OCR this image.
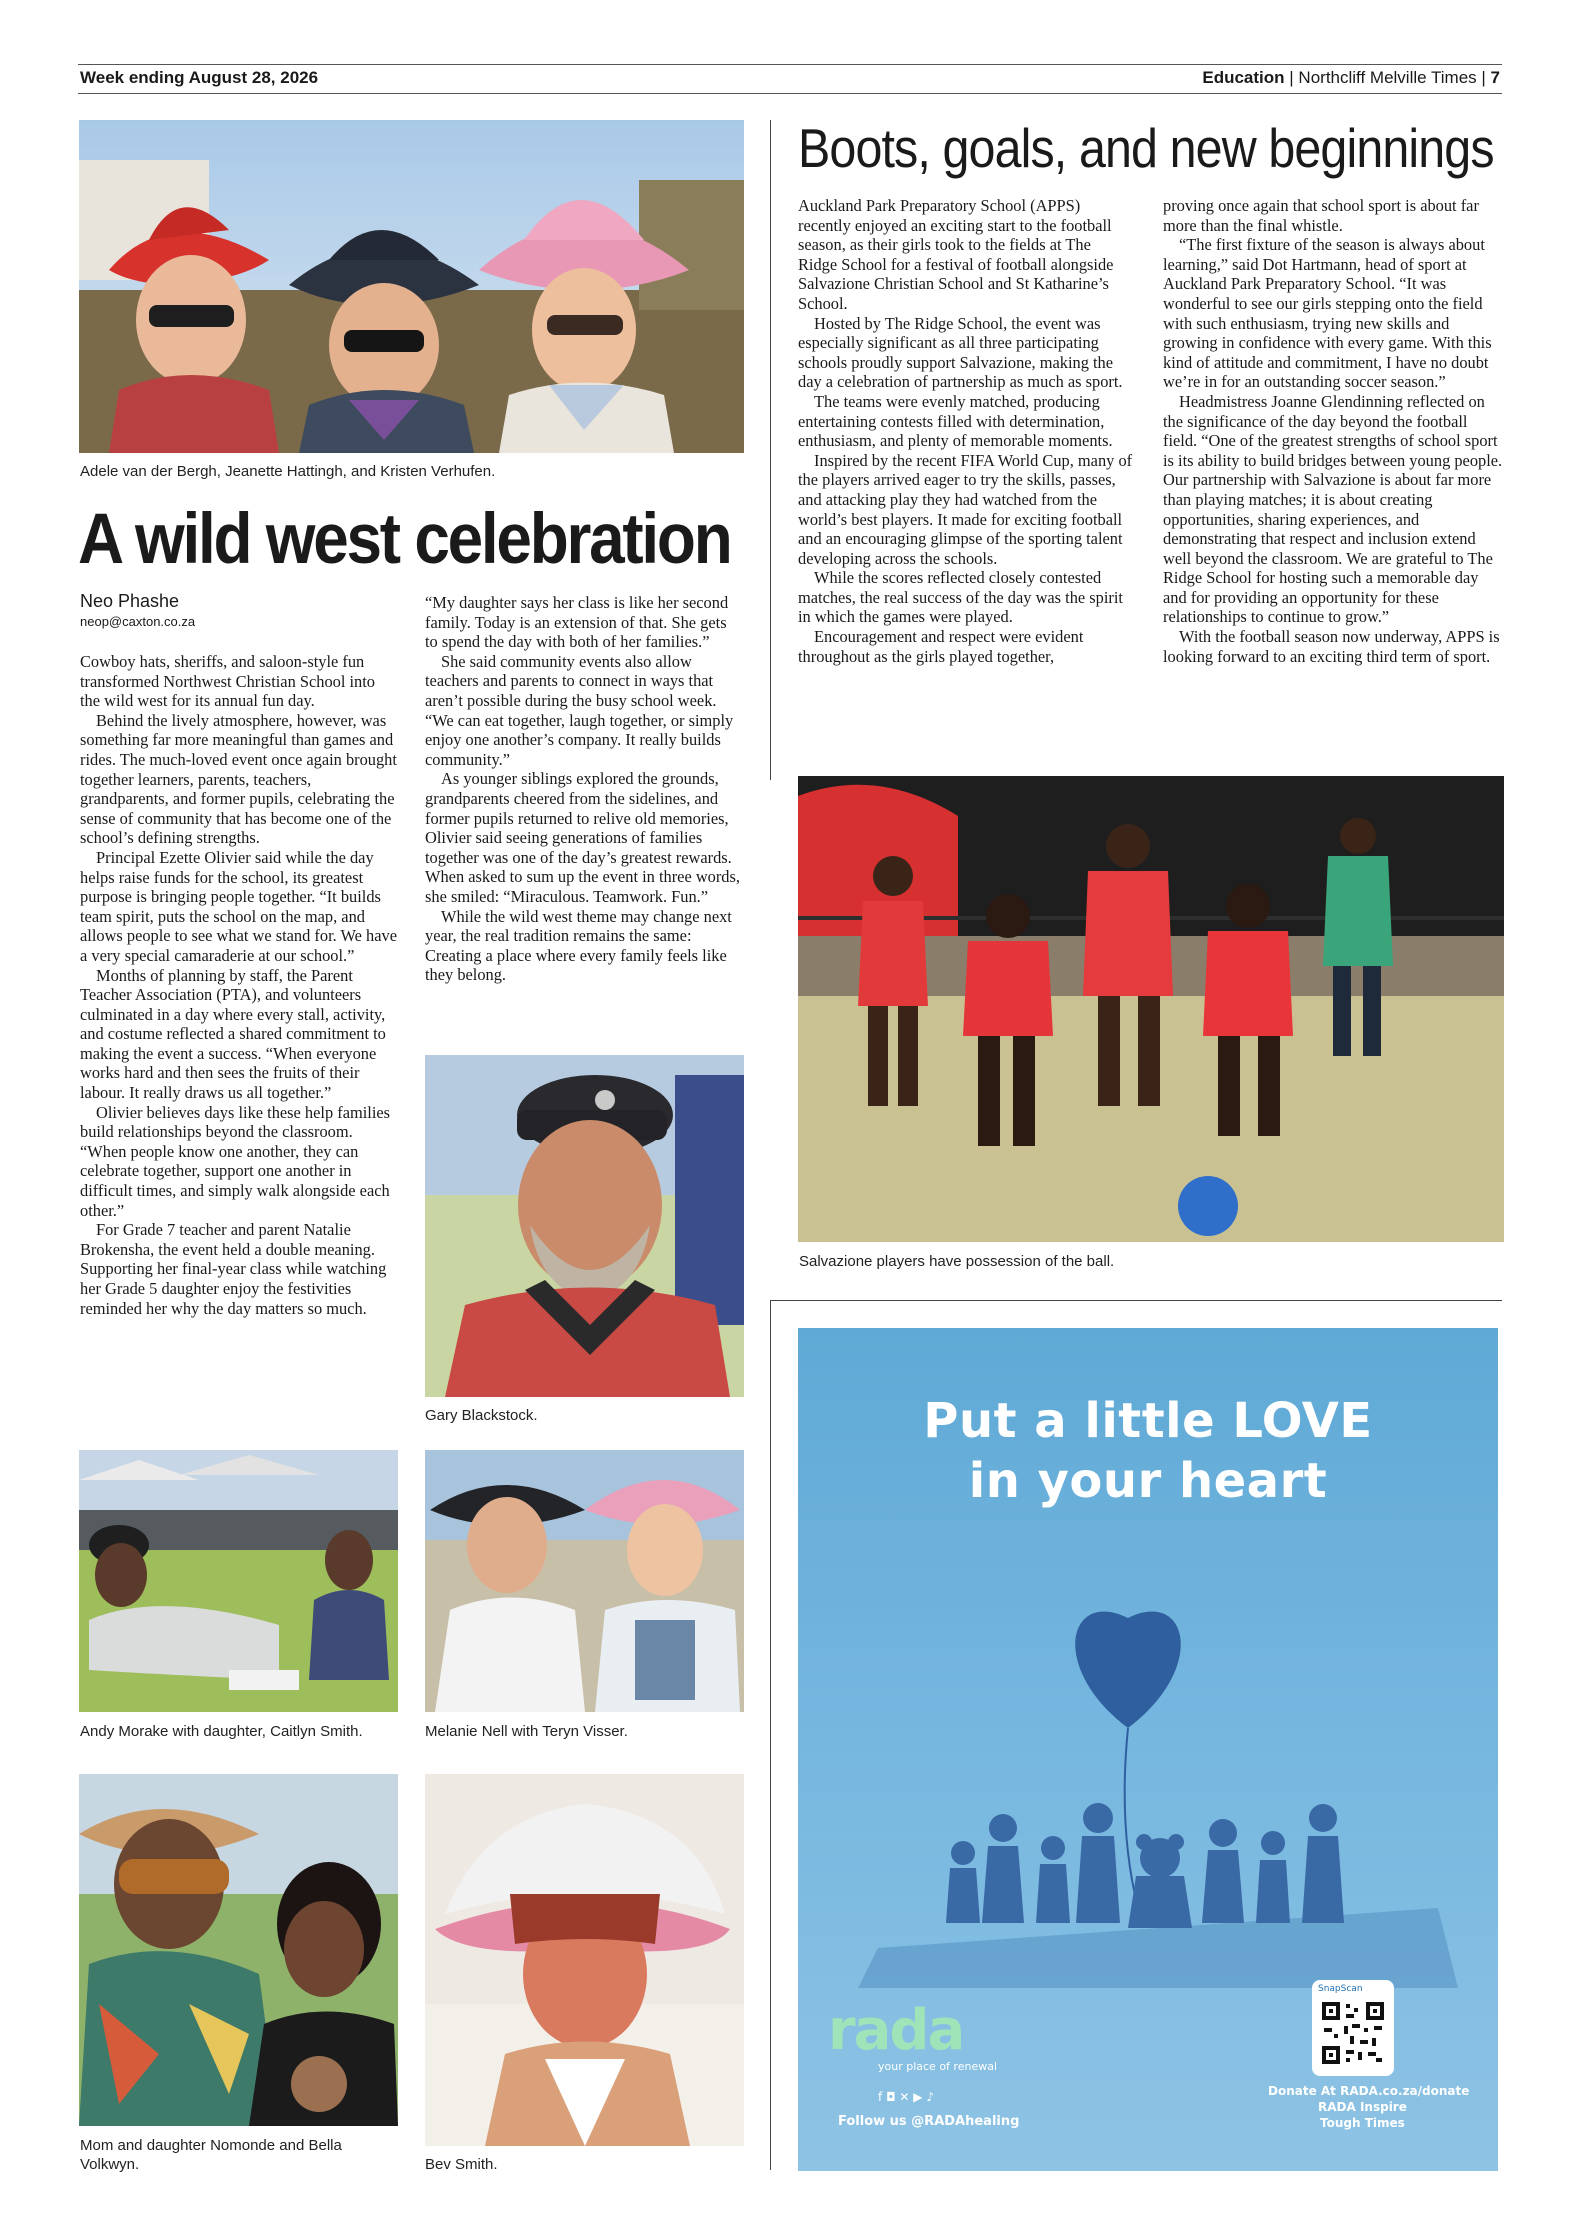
Week ending August 28, 2026	Education | Northcliff Melville Times | 7
Adele van der Bergh, Jeanette Hattingh, and Kristen Verhufen.
A wild west celebration
Neo Phashe
neop@caxton.co.za

Cowboy hats, sheriffs, and saloon-style fun transformed Northwest Christian School into the wild west for its annual fun day.

Behind the lively atmosphere, however, was something far more meaningful than games and rides. The much-loved event once again brought together learners, parents, teachers, grandparents, and former pupils, celebrating the sense of community that has become one of the school’s defining strengths.

Principal Ezette Olivier said while the day helps raise funds for the school, its greatest purpose is bringing people together. “It builds team spirit, puts the school on the map, and allows people to see what we stand for. We have a very special camaraderie at our school.”

Months of planning by staff, the Parent Teacher Association (PTA), and volunteers culminated in a day where every stall, activity, and costume reflected a shared commitment to making the event a success. “When everyone works hard and then sees the fruits of their labour. It really draws us all together.”

Olivier believes days like these help families build relationships beyond the classroom. “When people know one another, they can celebrate together, support one another in difficult times, and simply walk alongside each other.”

For Grade 7 teacher and parent Natalie Brokensha, the event held a double meaning. Supporting her final-year class while watching her Grade 5 daughter enjoy the festivities reminded her why the day matters so much.

“My daughter says her class is like her second family. Today is an extension of that. She gets to spend the day with both of her families.”

She said community events also allow teachers and parents to connect in ways that aren’t possible during the busy school week. “We can eat together, laugh together, or simply enjoy one another’s company. It really builds community.”

As younger siblings explored the grounds, grandparents cheered from the sidelines, and former pupils returned to relive old memories, Olivier said seeing generations of families together was one of the day’s greatest rewards. When asked to sum up the event in three words, she smiled: “Miraculous. Teamwork. Fun.”

While the wild west theme may change next year, the real tradition remains the same: Creating a place where every family feels like they belong.

Gary Blackstock.
Andy Morake with daughter, Caitlyn Smith.	Melanie Nell with Teryn Visser.
Mom and daughter Nomonde and Bella
Volkwyn.	Bev Smith.
Boots, goals, and new beginnings

Auckland Park Preparatory School (APPS) recently enjoyed an exciting start to the football season, as their girls took to the fields at The Ridge School for a festival of football alongside Salvazione Christian School and St Katharine’s School.

Hosted by The Ridge School, the event was especially significant as all three participating schools proudly support Salvazione, making the day a celebration of partnership as much as sport.

The teams were evenly matched, producing entertaining contests filled with determination, enthusiasm, and plenty of memorable moments.

Inspired by the recent FIFA World Cup, many of the players arrived eager to try the skills, passes, and attacking play they had watched from the world’s best players. It made for exciting football and an encouraging glimpse of the sporting talent developing across the schools.

While the scores reflected closely contested matches, the real success of the day was the spirit in which the games were played.

Encouragement and respect were evident throughout as the girls played together,

proving once again that school sport is about far more than the final whistle.

“The first fixture of the season is always about learning,” said Dot Hartmann, head of sport at Auckland Park Preparatory School. “It was wonderful to see our girls stepping onto the field with such enthusiasm, trying new skills and growing in confidence with every game. With this kind of attitude and commitment, I have no doubt we’re in for an outstanding soccer season.”

Headmistress Joanne Glendinning reflected on the significance of the day beyond the football field. “One of the greatest strengths of school sport is its ability to build bridges between young people. Our partnership with Salvazione is about far more than playing matches; it is about creating opportunities, sharing experiences, and demonstrating that respect and inclusion extend well beyond the classroom. We are grateful to The Ridge School for hosting such a memorable day and for providing an opportunity for these relationships to continue to grow.”

With the football season now underway, APPS is looking forward to an exciting third term of sport.

Salvazione players have possession of the ball.
Put a little LOVE
in your heart
rada
your place of renewal
f ◘ ✕ ▶ ♪
Follow us @RADAhealing
SnapScan
Donate At RADA.co.za/donate
RADA Inspire
Tough Times
